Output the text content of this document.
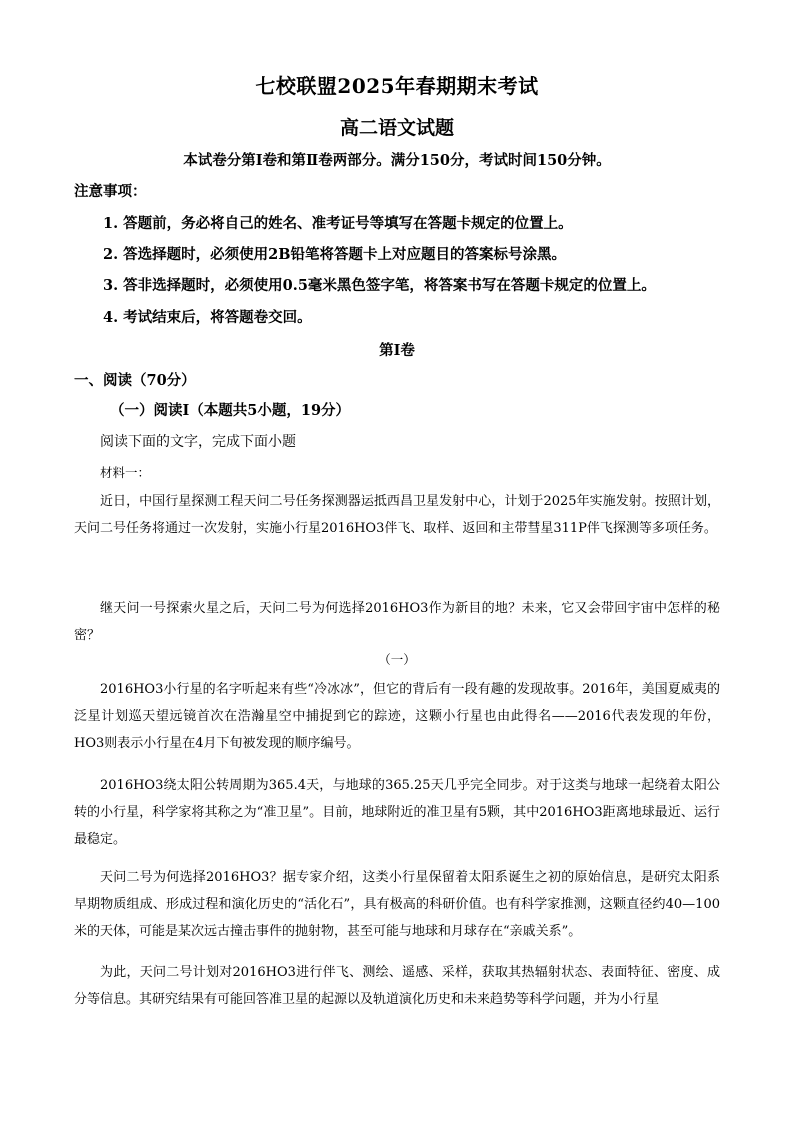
七校联盟2025年春期期末考试
高二语文试题
本试卷分第Ⅰ卷和第Ⅱ卷两部分。满分150分，考试时间150分钟。
注意事项：
1. 答题前，务必将自己的姓名、准考证号等填写在答题卡规定的位置上。
2. 答选择题时，必须使用2B铅笔将答题卡上对应题目的答案标号涂黑。
3. 答非选择题时，必须使用0.5毫米黑色签字笔，将答案书写在答题卡规定的位置上。
4. 考试结束后，将答题卷交回。
第Ⅰ卷
一、阅读（70分）
（一）阅读Ⅰ（本题共5小题，19分）
阅读下面的文字，完成下面小题
材料一：
近日，中国行星探测工程天问二号任务探测器运抵西昌卫星发射中心，计划于2025年实施发射。按照计划，天问二号任务将通过一次发射，实施小行星2016HO3伴飞、取样、返回和主带彗星311P伴飞探测等多项任务。
继天问一号探索火星之后，天问二号为何选择2016HO3作为新目的地？未来，它又会带回宇宙中怎样的秘密？
（一）
2016HO3小行星的名字听起来有些“冷冰冰”，但它的背后有一段有趣的发现故事。2016年，美国夏威夷的泛星计划巡天望远镜首次在浩瀚星空中捕捉到它的踪迹，这颗小行星也由此得名——2016代表发现的年份，HO3则表示小行星在4月下旬被发现的顺序编号。
2016HO3绕太阳公转周期为365.4天，与地球的365.25天几乎完全同步。对于这类与地球一起绕着太阳公转的小行星，科学家将其称之为“准卫星”。目前，地球附近的准卫星有5颗，其中2016HO3距离地球最近、运行最稳定。
天问二号为何选择2016HO3？据专家介绍，这类小行星保留着太阳系诞生之初的原始信息，是研究太阳系早期物质组成、形成过程和演化历史的“活化石”，具有极高的科研价值。也有科学家推测，这颗直径约40—100米的天体，可能是某次远古撞击事件的抛射物，甚至可能与地球和月球存在“亲戚关系”。
为此，天问二号计划对2016HO3进行伴飞、测绘、遥感、采样，获取其热辐射状态、表面特征、密度、成分等信息。其研究结果有可能回答准卫星的起源以及轨道演化历史和未来趋势等科学问题，并为小行星
